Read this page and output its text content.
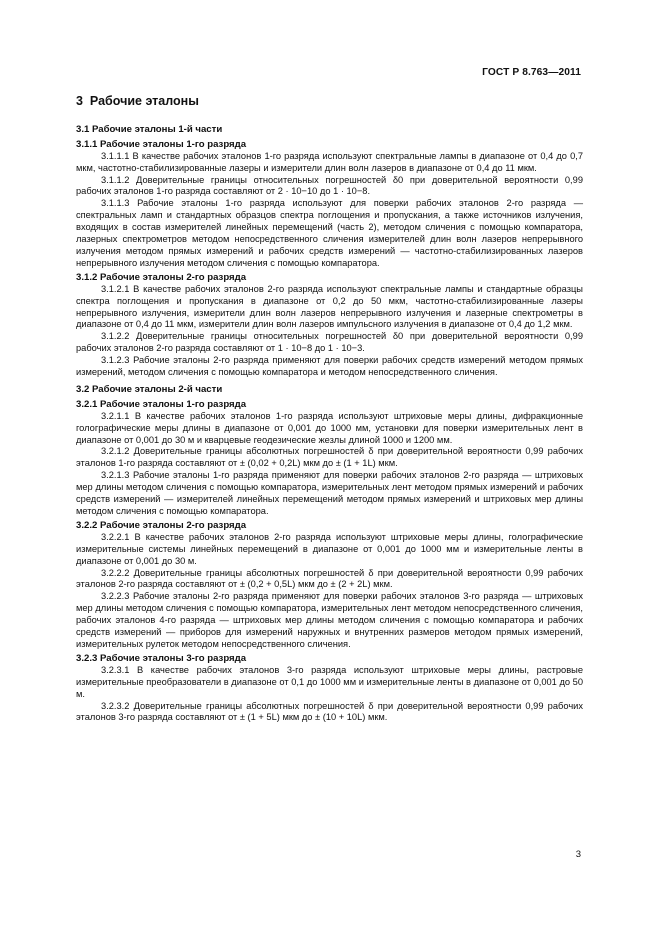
ГОСТ Р 8.763—2011
3 Рабочие эталоны
3.1 Рабочие эталоны 1-й части
3.1.1 Рабочие эталоны 1-го разряда

3.1.1.1 В качестве рабочих эталонов 1-го разряда используют спектральные лампы в диапазоне от 0,4 до 0,7 мкм, частотно-стабилизированные лазеры и измерители длин волн лазеров в диапазоне от 0,4 до 11 мкм.

3.1.1.2 Доверительные границы относительных погрешностей δ0 при доверительной вероятности 0,99 рабочих эталонов 1-го разряда составляют от 2 · 10−10 до 1 · 10−8.

3.1.1.3 Рабочие эталоны 1-го разряда используют для поверки рабочих эталонов 2-го разряда — спектральных ламп и стандартных образцов спектра поглощения и пропускания, а также источников излучения, входящих в состав измерителей линейных перемещений (часть 2), методом сличения с помощью компаратора, лазерных спектрометров методом непосредственного сличения измерителей длин волн лазеров непрерывного излучения методом прямых измерений и рабочих средств измерений — частотно-стабилизированных лазеров непрерывного излучения методом сличения с помощью компаратора.

3.1.2 Рабочие эталоны 2-го разряда

3.1.2.1 В качестве рабочих эталонов 2-го разряда используют спектральные лампы и стандартные образцы спектра поглощения и пропускания в диапазоне от 0,2 до 50 мкм, частотно-стабилизированные лазеры непрерывного излучения, измерители длин волн лазеров непрерывного излучения и лазерные спектрометры в диапазоне от 0,4 до 11 мкм, измерители длин волн лазеров импульсного излучения в диапазоне от 0,4 до 1,2 мкм.

3.1.2.2 Доверительные границы относительных погрешностей δ0 при доверительной вероятности 0,99 рабочих эталонов 2-го разряда составляют от 1 · 10−8 до 1 · 10−3.

3.1.2.3 Рабочие эталоны 2-го разряда применяют для поверки рабочих средств измерений методом прямых измерений, методом сличения с помощью компаратора и методом непосредственного сличения.

3.2 Рабочие эталоны 2-й части
3.2.1 Рабочие эталоны 1-го разряда

3.2.1.1 В качестве рабочих эталонов 1-го разряда используют штриховые меры длины, дифракционные голографические меры длины в диапазоне от 0,001 до 1000 мм, установки для поверки измерительных лент в диапазоне от 0,001 до 30 м и кварцевые геодезические жезлы длиной 1000 и 1200 мм.

3.2.1.2 Доверительные границы абсолютных погрешностей δ при доверительной вероятности 0,99 рабочих эталонов 1-го разряда составляют от ± (0,02 + 0,2L) мкм до ± (1 + 1L) мкм.

3.2.1.3 Рабочие эталоны 1-го разряда применяют для поверки рабочих эталонов 2-го разряда — штриховых мер длины методом сличения с помощью компаратора, измерительных лент методом прямых измерений и рабочих средств измерений — измерителей линейных перемещений методом прямых измерений и штриховых мер длины методом сличения с помощью компаратора.

3.2.2 Рабочие эталоны 2-го разряда

3.2.2.1 В качестве рабочих эталонов 2-го разряда используют штриховые меры длины, голографические измерительные системы линейных перемещений в диапазоне от 0,001 до 1000 мм и измерительные ленты в диапазоне от 0,001 до 30 м.

3.2.2.2 Доверительные границы абсолютных погрешностей δ при доверительной вероятности 0,99 рабочих эталонов 2-го разряда составляют от ± (0,2 + 0,5L) мкм до ± (2 + 2L) мкм.

3.2.2.3 Рабочие эталоны 2-го разряда применяют для поверки рабочих эталонов 3-го разряда — штриховых мер длины методом сличения с помощью компаратора, измерительных лент методом непосредственного сличения, рабочих эталонов 4-го разряда — штриховых мер длины методом сличения с помощью компаратора и рабочих средств измерений — приборов для измерений наружных и внутренних размеров методом прямых измерений, измерительных рулеток методом непосредственного сличения.

3.2.3 Рабочие эталоны 3-го разряда

3.2.3.1 В качестве рабочих эталонов 3-го разряда используют штриховые меры длины, растровые измерительные преобразователи в диапазоне от 0,1 до 1000 мм и измерительные ленты в диапазоне от 0,001 до 50 м.

3.2.3.2 Доверительные границы абсолютных погрешностей δ при доверительной вероятности 0,99 рабочих эталонов 3-го разряда составляют от ± (1 + 5L) мкм до ± (10 + 10L) мкм.

3
